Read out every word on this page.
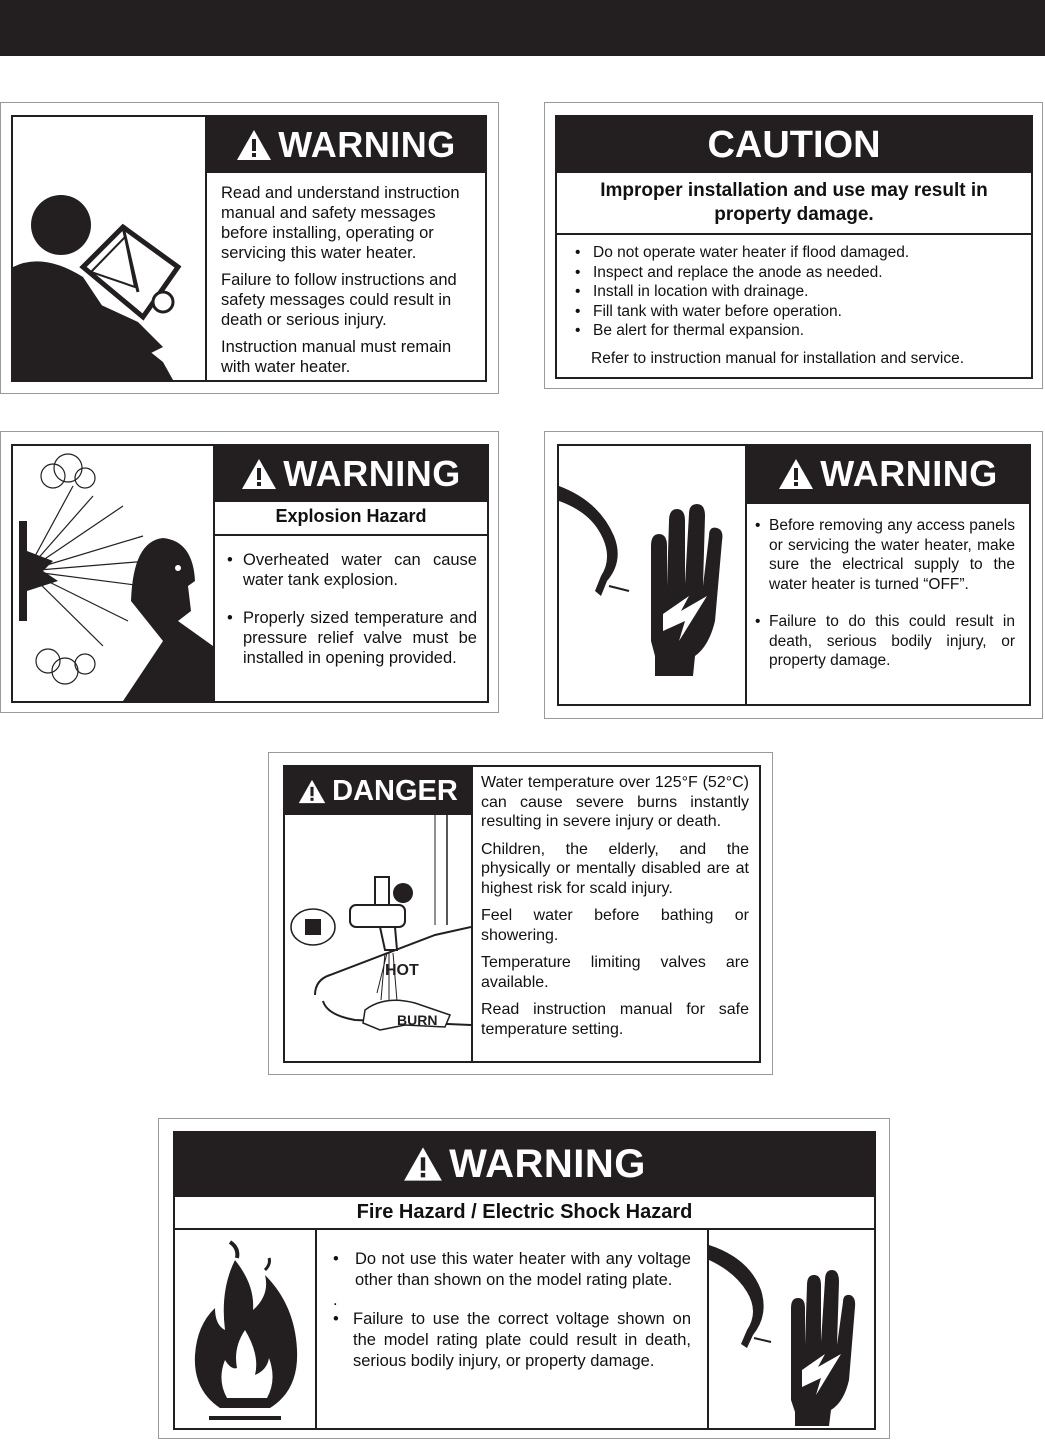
WARNING

Read and understand instruction manual and safety messages before installing, operating or servicing this water heater.

Failure to follow instructions and safety messages could result in death or serious injury.

Instruction manual must remain with water heater.

CAUTION
Improper installation and use may result in property damage.
• Do not operate water heater if flood damaged.
• Inspect and replace the anode as needed.
• Install in location with drainage.
• Fill tank with water before operation.
• Be alert for thermal expansion.
Refer to instruction manual for installation and service.
WARNING
Explosion Hazard
• Overheated water can cause water tank explosion.
• Properly sized temperature and pressure relief valve must be installed in opening provided.
WARNING
• Before removing any access panels or servicing the water heater, make sure the electrical supply to the water heater is turned “OFF”.
• Failure to do this could result in death, serious bodily injury, or property damage.
DANGER
HOT
BURN

Water temperature over 125°F (52°C) can cause severe burns instantly resulting in severe injury or death.

Children, the elderly, and the physically or mentally disabled are at highest risk for scald injury.

Feel water before bathing or showering.

Temperature limiting valves are available.

Read instruction manual for safe temperature setting.

WARNING
Fire Hazard / Electric Shock Hazard
• Do not use this water heater with any voltage other than shown on the model rating plate.
.
• Failure to use the correct voltage shown on the model rating plate could result in death, serious bodily injury, or property damage.
